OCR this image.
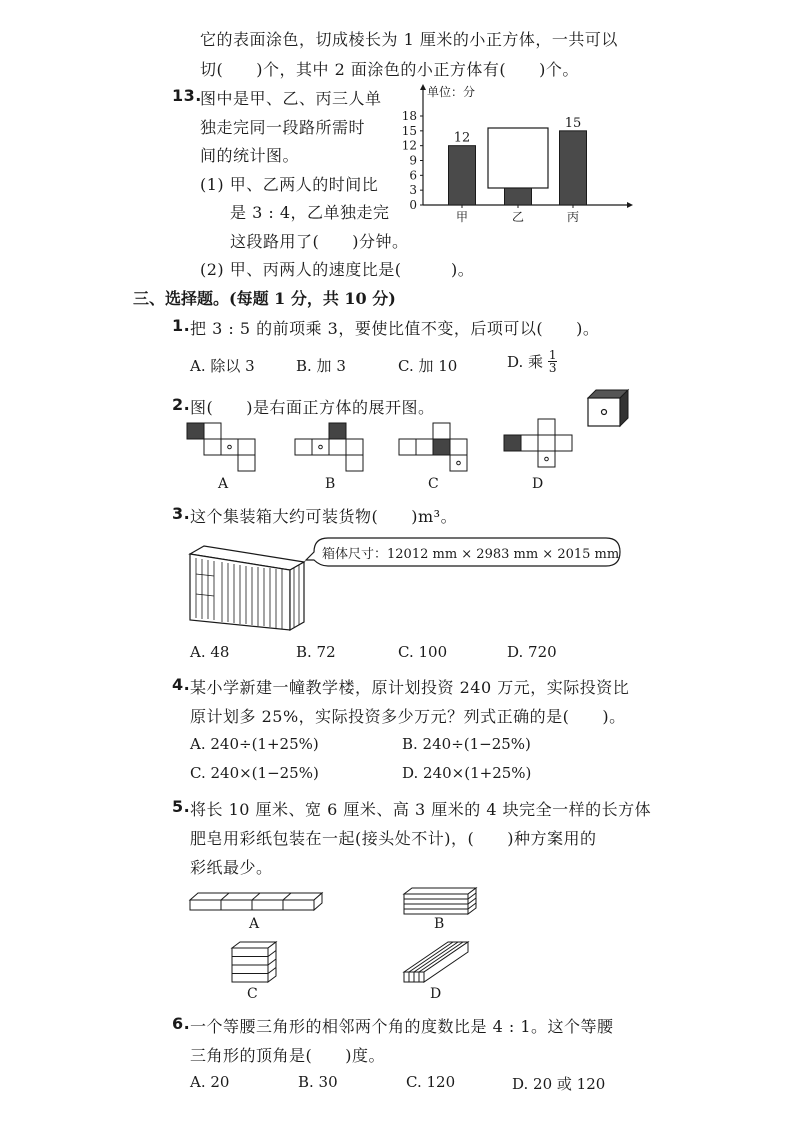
它的表面涂色，切成棱长为 1 厘米的小正方体，一共可以
切(　　)个，其中 2 面涂色的小正方体有(　　)个。
13.
图中是甲、乙、丙三人单
独走完同一段路所需时
间的统计图。
(1) 甲、乙两人的时间比
是 3 : 4，乙单独走完
这段路用了(　　)分钟。
(2) 甲、丙两人的速度比是(　　　)。
单位：分
0
3
6
9
12
15
18
12
甲	乙
15
丙
三、选择题。(每题 1 分，共 10 分)
1. 把 3 : 5 的前项乘 3，要使比值不变，后项可以(　　)。
A. 除以 3	B. 加 3	C. 加 10	D. 乘 $\frac{1}{3}$
2. 图(　　)是右面正方体的展开图。
A	B	C	D
3. 这个集装箱大约可装货物(　　)m³。
箱体尺寸：12012 mm × 2983 mm × 2015 mm
A. 48	B. 72	C. 100	D. 720
4. 某小学新建一幢教学楼，原计划投资 240 万元，实际投资比
原计划多 25%，实际投资多少万元？列式正确的是(　　)。
A. 240÷(1+25%)	B. 240÷(1−25%)
C. 240×(1−25%)	D. 240×(1+25%)
5. 将长 10 厘米、宽 6 厘米、高 3 厘米的 4 块完全一样的长方体
肥皂用彩纸包装在一起(接头处不计)，(　　)种方案用的
彩纸最少。
A	B
C	D
6. 一个等腰三角形的相邻两个角的度数比是 4 : 1。这个等腰
三角形的顶角是(　　)度。
A. 20	B. 30	C. 120	D. 20 或 120
